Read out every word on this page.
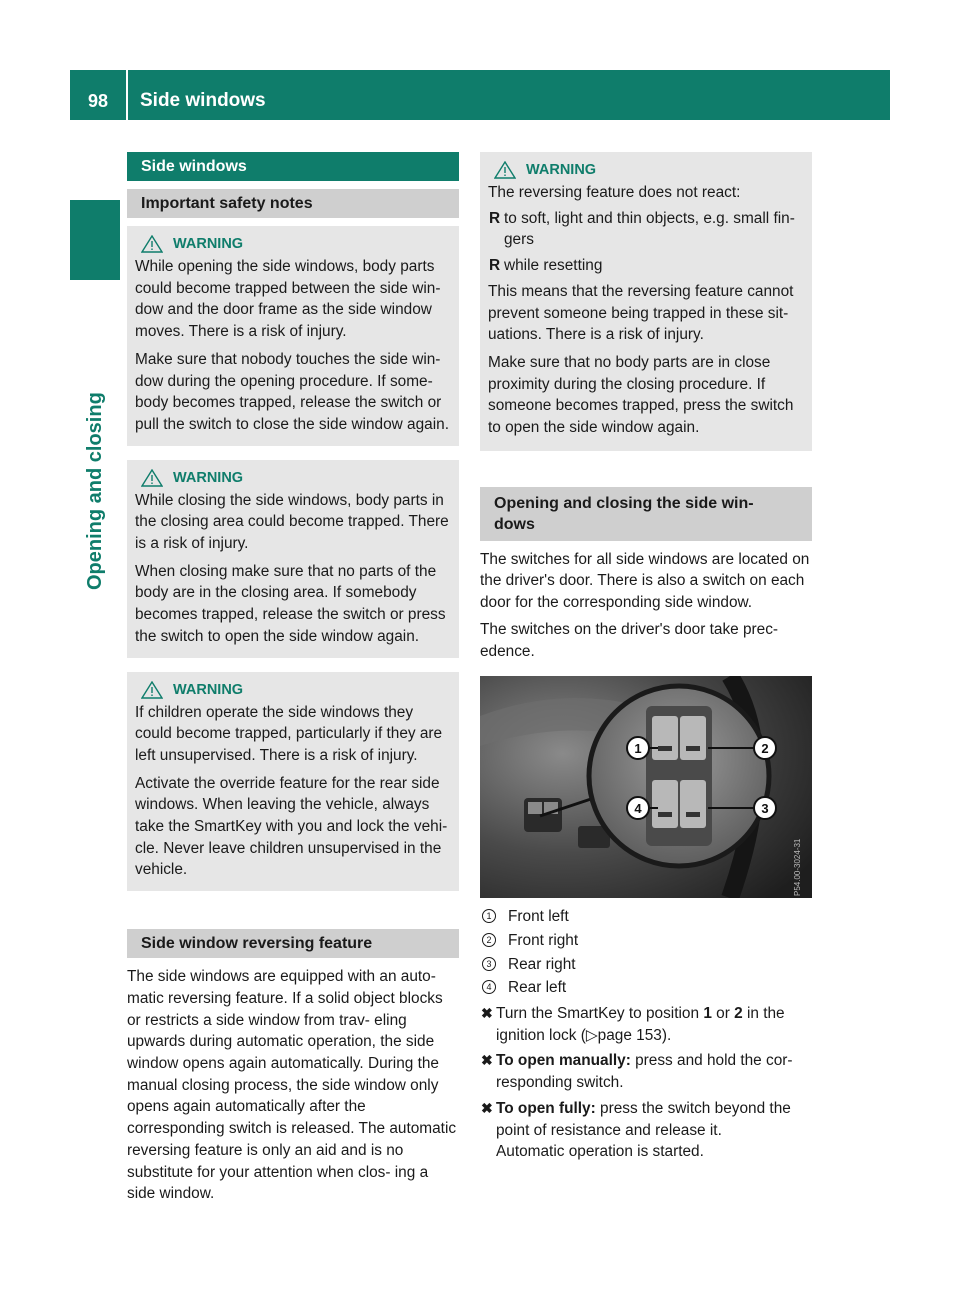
98	Side windows
Opening and closing
Side windows
Important safety notes
WARNING

While opening the side windows, body parts could become trapped between the side win- dow and the door frame as the side window moves. There is a risk of injury.

Make sure that nobody touches the side win- dow during the opening procedure. If some- body becomes trapped, release the switch or pull the switch to close the side window again.

WARNING

While closing the side windows, body parts in the closing area could become trapped. There is a risk of injury.

When closing make sure that no parts of the body are in the closing area. If somebody becomes trapped, release the switch or press the switch to open the side window again.

WARNING

If children operate the side windows they could become trapped, particularly if they are left unsupervised. There is a risk of injury.

Activate the override feature for the rear side windows. When leaving the vehicle, always take the SmartKey with you and lock the vehi- cle. Never leave children unsupervised in the vehicle.

Side window reversing feature

The side windows are equipped with an auto- matic reversing feature. If a solid object blocks or restricts a side window from trav- eling upwards during automatic operation, the side window opens again automatically. During the manual closing process, the side window only opens again automatically after the corresponding switch is released. The automatic reversing feature is only an aid and is no substitute for your attention when clos- ing a side window.

WARNING

The reversing feature does not react:

R to soft, light and thin objects, e.g. small fin- gers
R while resetting

This means that the reversing feature cannot prevent someone being trapped in these sit- uations. There is a risk of injury.

Make sure that no body parts are in close proximity during the closing procedure. If someone becomes trapped, press the switch to open the side window again.

Opening and closing the side win- dows

The switches for all side windows are located on the driver's door. There is also a switch on each door for the corresponding side window.

The switches on the driver's door take prec- edence.

1	2
3
4
P54.00-3024-31
1 Front left
2 Front right
3 Rear right
4 Rear left
✖ Turn the SmartKey to position 1 or 2 in the ignition lock (▷page 153).
✖ To open manually: press and hold the cor- responding switch.
✖ To open fully: press the switch beyond the point of resistance and release it.
Automatic operation is started.
